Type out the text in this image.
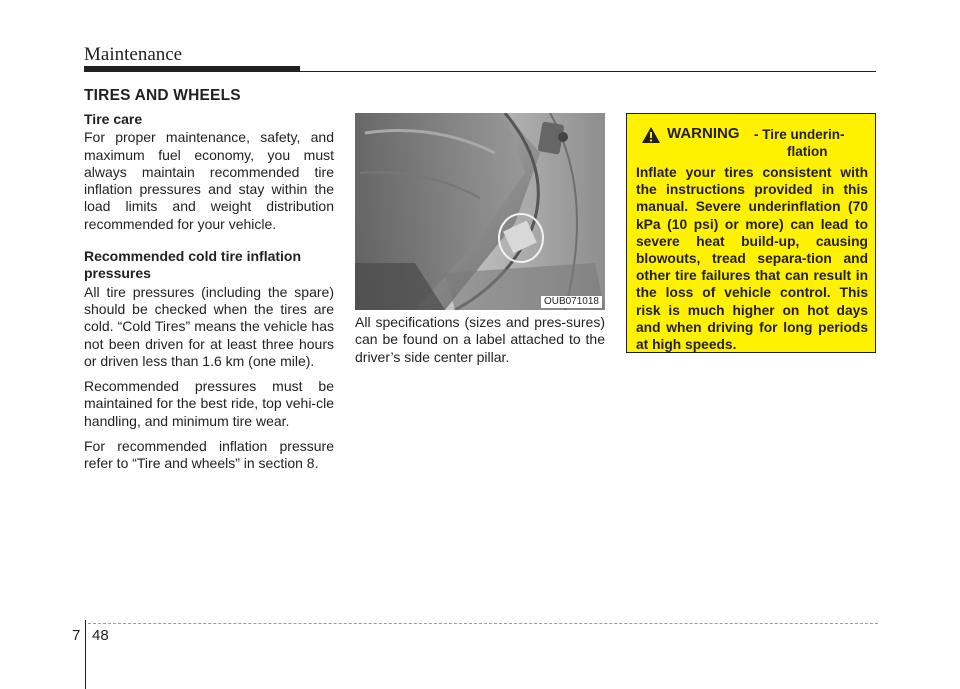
Maintenance
TIRES AND WHEELS
Tire care

For proper maintenance, safety, and maximum fuel economy, you must always maintain recommended tire inflation pressures and stay within the load limits and weight distribution recommended for your vehicle.

Recommended cold tire inflation pressures

All tire pressures (including the spare) should be checked when the tires are cold. “Cold Tires” means the vehicle has not been driven for at least three hours or driven less than 1.6 km (one mile).

Recommended pressures must be maintained for the best ride, top vehi-cle handling, and minimum tire wear.

For recommended inflation pressure refer to “Tire and wheels” in section 8.

OUB071018

All specifications (sizes and pres-sures) can be found on a label attached to the driver’s side center pillar.

WARNING - Tire underin-
flation
Inflate your tires consistent with the instructions provided in this manual. Severe underinflation (70 kPa (10 psi) or more) can lead to severe heat build-up, causing blowouts, tread separa-tion and other tire failures that can result in the loss of vehicle control. This risk is much higher on hot days and when driving for long periods at high speeds.
7 48
